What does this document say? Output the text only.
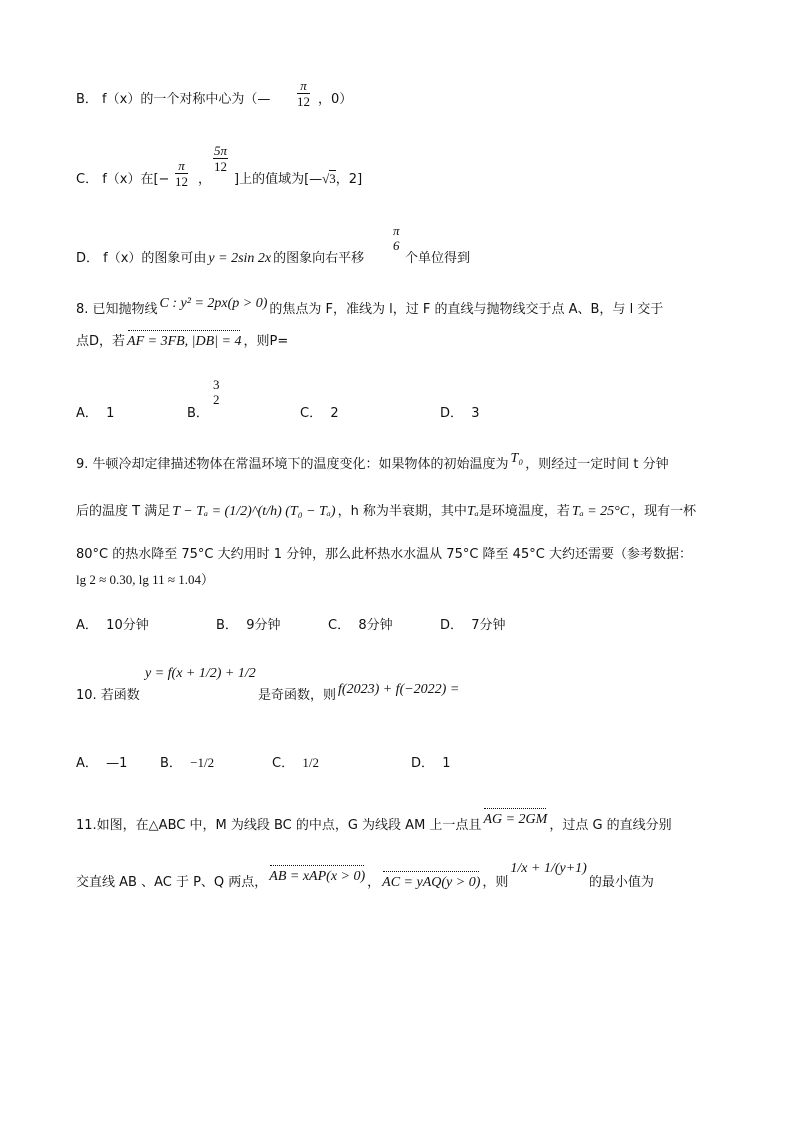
B． f（x）的一个对称中心为（— $\frac{\pi}{12}$ ，0）
C． f（x）在[− $\frac{\pi}{12}$ ，
$\frac{5\pi}{12}$
]上的值域为[—√3，2]
D． f（x）的图象可由 y = 2sin 2x 的图象向右平移
π
6
个单位得到
8. 已知抛物线 C : y² = 2px(p > 0) 的焦点为 F，准线为 l，过 F 的直线与抛物线交于点 A、B，与 l 交于
点D，若 AF = 3FB, |DB| = 4 ，则P=
A． 1	B．
3
2
C． 2	D． 3
9. 牛顿冷却定律描述物体在常温环境下的温度变化：如果物体的初始温度为 T₀ ，则经过一定时间 t 分钟
后的温度 T 满足 T − Tₐ = (1/2)^(t/h) (T₀ − Tₐ) ，h 称为半衰期，其中Tₐ是环境温度，若 Tₐ = 25°C ，现有一杯
80°C 的热水降至 75°C 大约用时 1 分钟，那么此杯热水水温从 75°C 降至 45°C 大约还需要（参考数据：
lg 2 ≈ 0.30, lg 11 ≈ 1.04）
A． 10分钟	B． 9分钟	C． 8分钟	D． 7分钟
10. 若函数
y = f(x + 1/2) + 1/2
是奇函数，则 f(2023) + f(−2022) =
A． —1	B． −1/2	C． 1/2	D． 1
11.如图，在△ABC 中，M 为线段 BC 的中点，G 为线段 AM 上一点且 AG = 2GM ，过点 G 的直线分别
交直线 AB 、AC 于 P、Q 两点， AB = xAP(x > 0) ， AC = yAQ(y > 0) ，则1/x + 1/(y+1)的最小值为
